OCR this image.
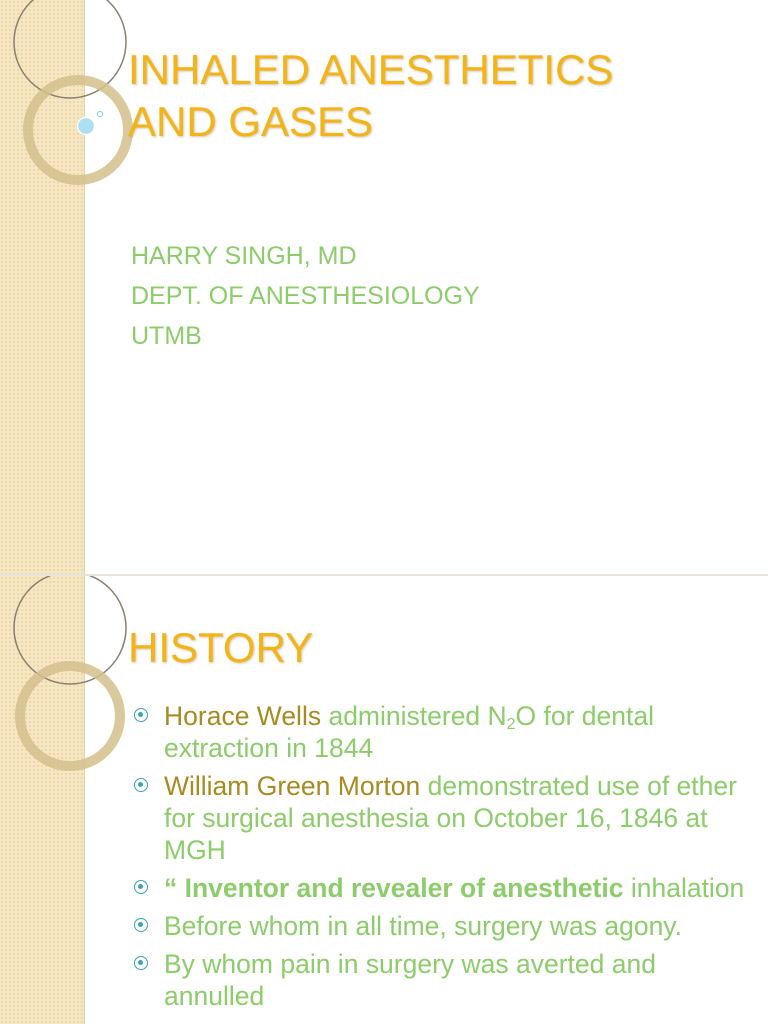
INHALED ANESTHETICS
AND GASES
HARRY SINGH, MD
DEPT. OF ANESTHESIOLOGY
UTMB
HISTORY
Horace Wells administered $N_2O$ for dental extraction in 1844
William Green Morton demonstrated use of ether for surgical anesthesia on October 16, 1846 at MGH
“ Inventor and revealer of anesthetic inhalation
Before whom in all time, surgery was agony.
By whom pain in surgery was averted and annulled
